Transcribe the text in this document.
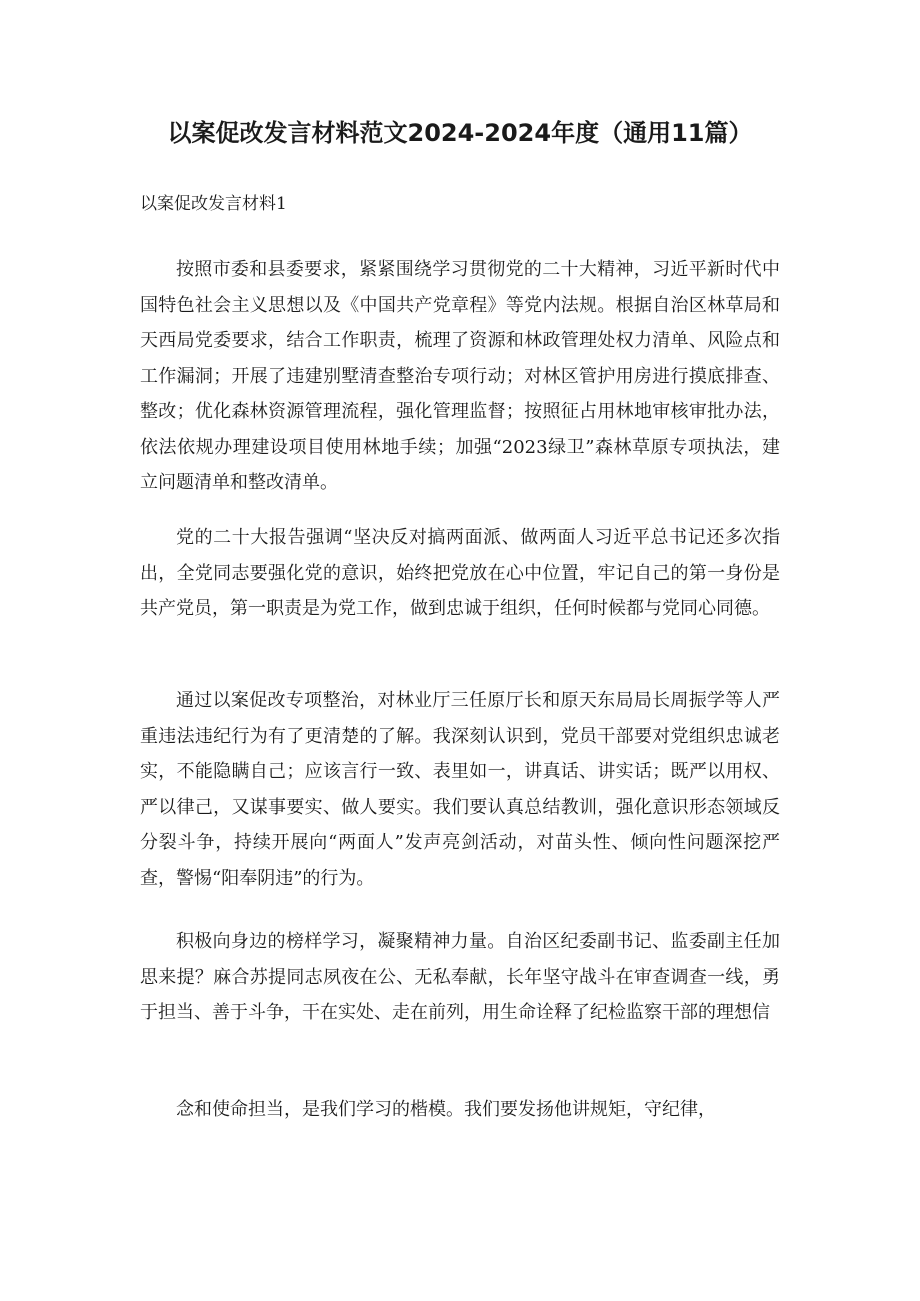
以案促改发言材料范文2024-2024年度（通用11篇）

以案促改发言材料1

按照市委和县委要求，紧紧围绕学习贯彻党的二十大精神，习近平新时代中国特色社会主义思想以及《中国共产党章程》等党内法规。根据自治区林草局和天西局党委要求，结合工作职责，梳理了资源和林政管理处权力清单、风险点和工作漏洞；开展了违建别墅清查整治专项行动；对林区管护用房进行摸底排查、整改；优化森林资源管理流程，强化管理监督；按照征占用林地审核审批办法，依法依规办理建设项目使用林地手续；加强“2023绿卫”森林草原专项执法，建立问题清单和整改清单。

党的二十大报告强调“坚决反对搞两面派、做两面人习近平总书记还多次指出，全党同志要强化党的意识，始终把党放在心中位置，牢记自己的第一身份是共产党员，第一职责是为党工作，做到忠诚于组织，任何时候都与党同心同德。

通过以案促改专项整治，对林业厅三任原厅长和原天东局局长周振学等人严重违法违纪行为有了更清楚的了解。我深刻认识到，党员干部要对党组织忠诚老实，不能隐瞒自己；应该言行一致、表里如一，讲真话、讲实话；既严以用权、严以律己，又谋事要实、做人要实。我们要认真总结教训，强化意识形态领域反分裂斗争，持续开展向“两面人”发声亮剑活动，对苗头性、倾向性问题深挖严查，警惕“阳奉阴违”的行为。

积极向身边的榜样学习，凝聚精神力量。自治区纪委副书记、监委副主任加思来提？麻合苏提同志夙夜在公、无私奉献，长年坚守战斗在审查调查一线，勇于担当、善于斗争，干在实处、走在前列，用生命诠释了纪检监察干部的理想信

念和使命担当，是我们学习的楷模。我们要发扬他讲规矩，守纪律，
